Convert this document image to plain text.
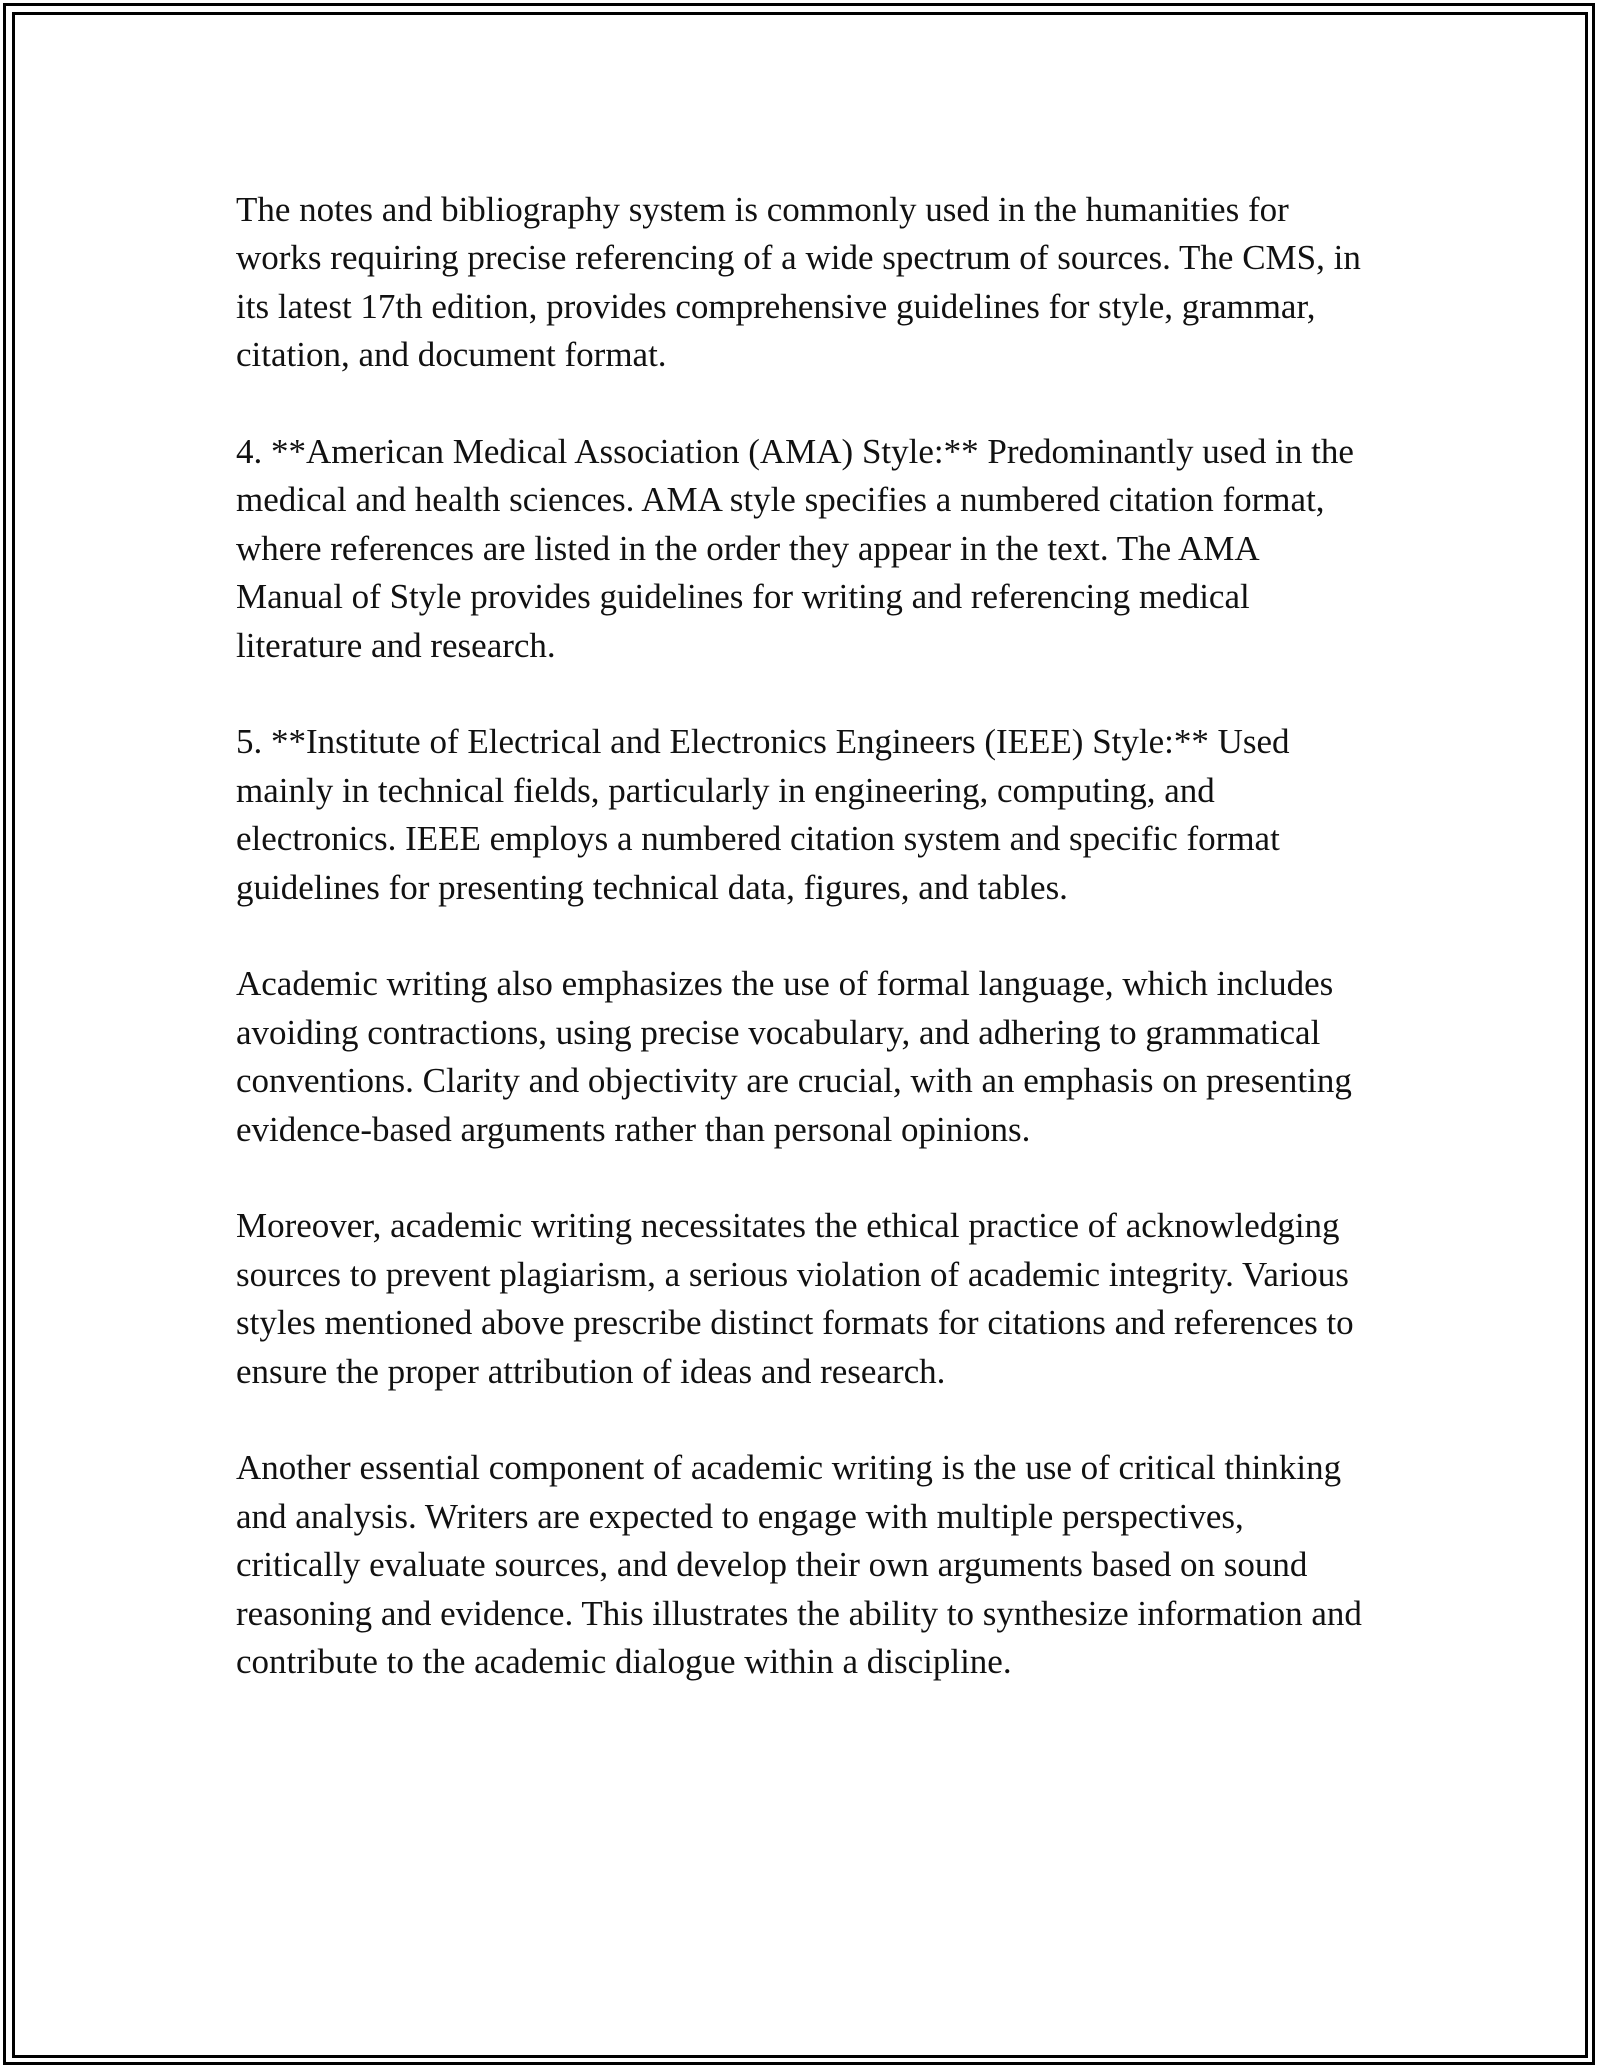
The notes and bibliography system is commonly used in the humanities for works requiring precise referencing of a wide spectrum of sources. The CMS, in its latest 17th edition, provides comprehensive guidelines for style, grammar, citation, and document format.

4. **American Medical Association (AMA) Style:** Predominantly used in the medical and health sciences. AMA style specifies a numbered citation format, where references are listed in the order they appear in the text. The AMA Manual of Style provides guidelines for writing and referencing medical literature and research.

5. **Institute of Electrical and Electronics Engineers (IEEE) Style:** Used mainly in technical fields, particularly in engineering, computing, and electronics. IEEE employs a numbered citation system and specific format guidelines for presenting technical data, figures, and tables.

Academic writing also emphasizes the use of formal language, which includes avoiding contractions, using precise vocabulary, and adhering to grammatical conventions. Clarity and objectivity are crucial, with an emphasis on presenting evidence-based arguments rather than personal opinions.

Moreover, academic writing necessitates the ethical practice of acknowledging sources to prevent plagiarism, a serious violation of academic integrity. Various styles mentioned above prescribe distinct formats for citations and references to ensure the proper attribution of ideas and research.

Another essential component of academic writing is the use of critical thinking and analysis. Writers are expected to engage with multiple perspectives, critically evaluate sources, and develop their own arguments based on sound reasoning and evidence. This illustrates the ability to synthesize information and contribute to the academic dialogue within a discipline.
